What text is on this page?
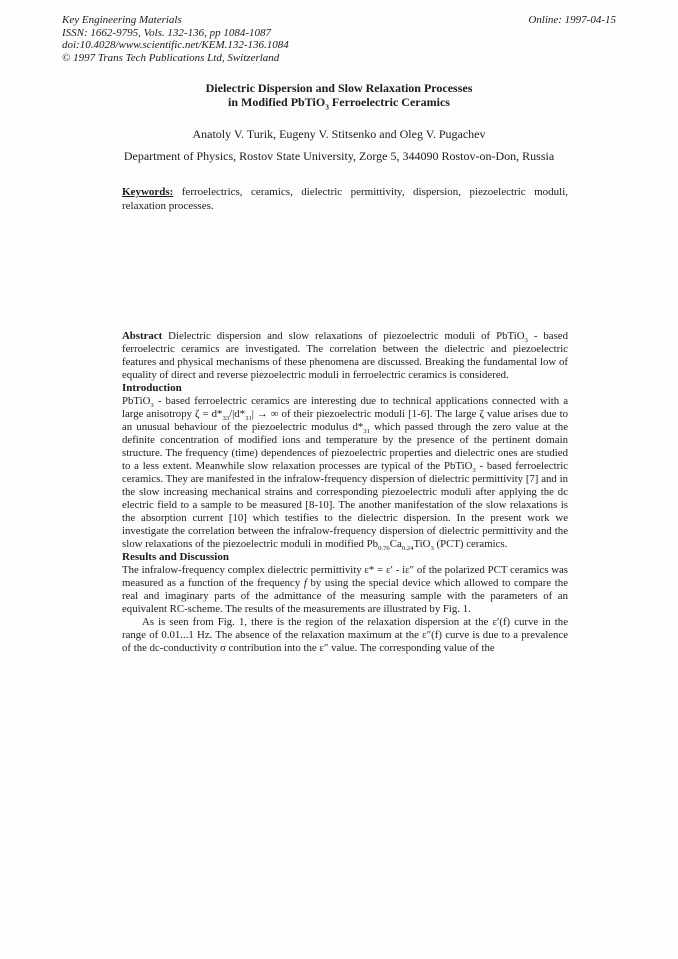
Key Engineering Materials
ISSN: 1662-9795, Vols. 132-136, pp 1084-1087
doi:10.4028/www.scientific.net/KEM.132-136.1084
© 1997 Trans Tech Publications Ltd, Switzerland
Online: 1997-04-15
Dielectric Dispersion and Slow Relaxation Processes
in Modified PbTiO$_3$ Ferroelectric Ceramics
Anatoly V. Turik, Eugeny V. Stitsenko and Oleg V. Pugachev
Department of Physics, Rostov State University, Zorge 5, 344090 Rostov-on-Don, Russia
Keywords: ferroelectrics, ceramics, dielectric permittivity, dispersion, piezoelectric moduli, relaxation processes.

Abstract Dielectric dispersion and slow relaxations of piezoelectric moduli of PbTiO$_3$ - based ferroelectric ceramics are investigated. The correlation between the dielectric and piezoelectric features and physical mechanisms of these phenomena are discussed. Breaking the fundamental low of equality of direct and reverse piezoelectric moduli in ferroelectric ceramics is considered.

Introduction

PbTiO$_3$ - based ferroelectric ceramics are interesting due to technical applications connected with a large anisotropy $\zeta = d*_{33}/|d*_{31}|$ → ∞ of their piezoelectric moduli [1-6]. The large ζ value arises due to an unusual behaviour of the piezoelectric modulus $d*_{31}$ which passed through the zero value at the definite concentration of modified ions and temperature by the presence of the pertinent domain structure. The frequency (time) dependences of piezoelectric properties and dielectric ones are studied to a less extent. Meanwhile slow relaxation processes are typical of the PbTiO$_3$ - based ferroelectric ceramics. They are manifested in the infralow-frequency dispersion of dielectric permittivity [7] and in the slow increasing mechanical strains and corresponding piezoelectric moduli after applying the dc electric field to a sample to be measured [8-10]. The another manifestation of the slow relaxations is the absorption current [10] which testifies to the dielectric dispersion. In the present work we investigate the correlation between the infralow-frequency dispersion of dielectric permittivity and the slow relaxations of the piezoelectric moduli in modified $Pb_{0.76}Ca_{0.24}TiO_3$ (PCT) ceramics.

Results and Discussion

The infralow-frequency complex dielectric permittivity ε* = ε′ - iε″ of the polarized PCT ceramics was measured as a function of the frequency f by using the special device which allowed to compare the real and imaginary parts of the admittance of the measuring sample with the parameters of an equivalent RC-scheme. The results of the measurements are illustrated by Fig. 1.

As is seen from Fig. 1, there is the region of the relaxation dispersion at the ε′(f) curve in the range of 0.01...1 Hz. The absence of the relaxation maximum at the ε″(f) curve is due to a prevalence of the dc-conductivity σ contribution into the ε″ value. The corresponding value of the
